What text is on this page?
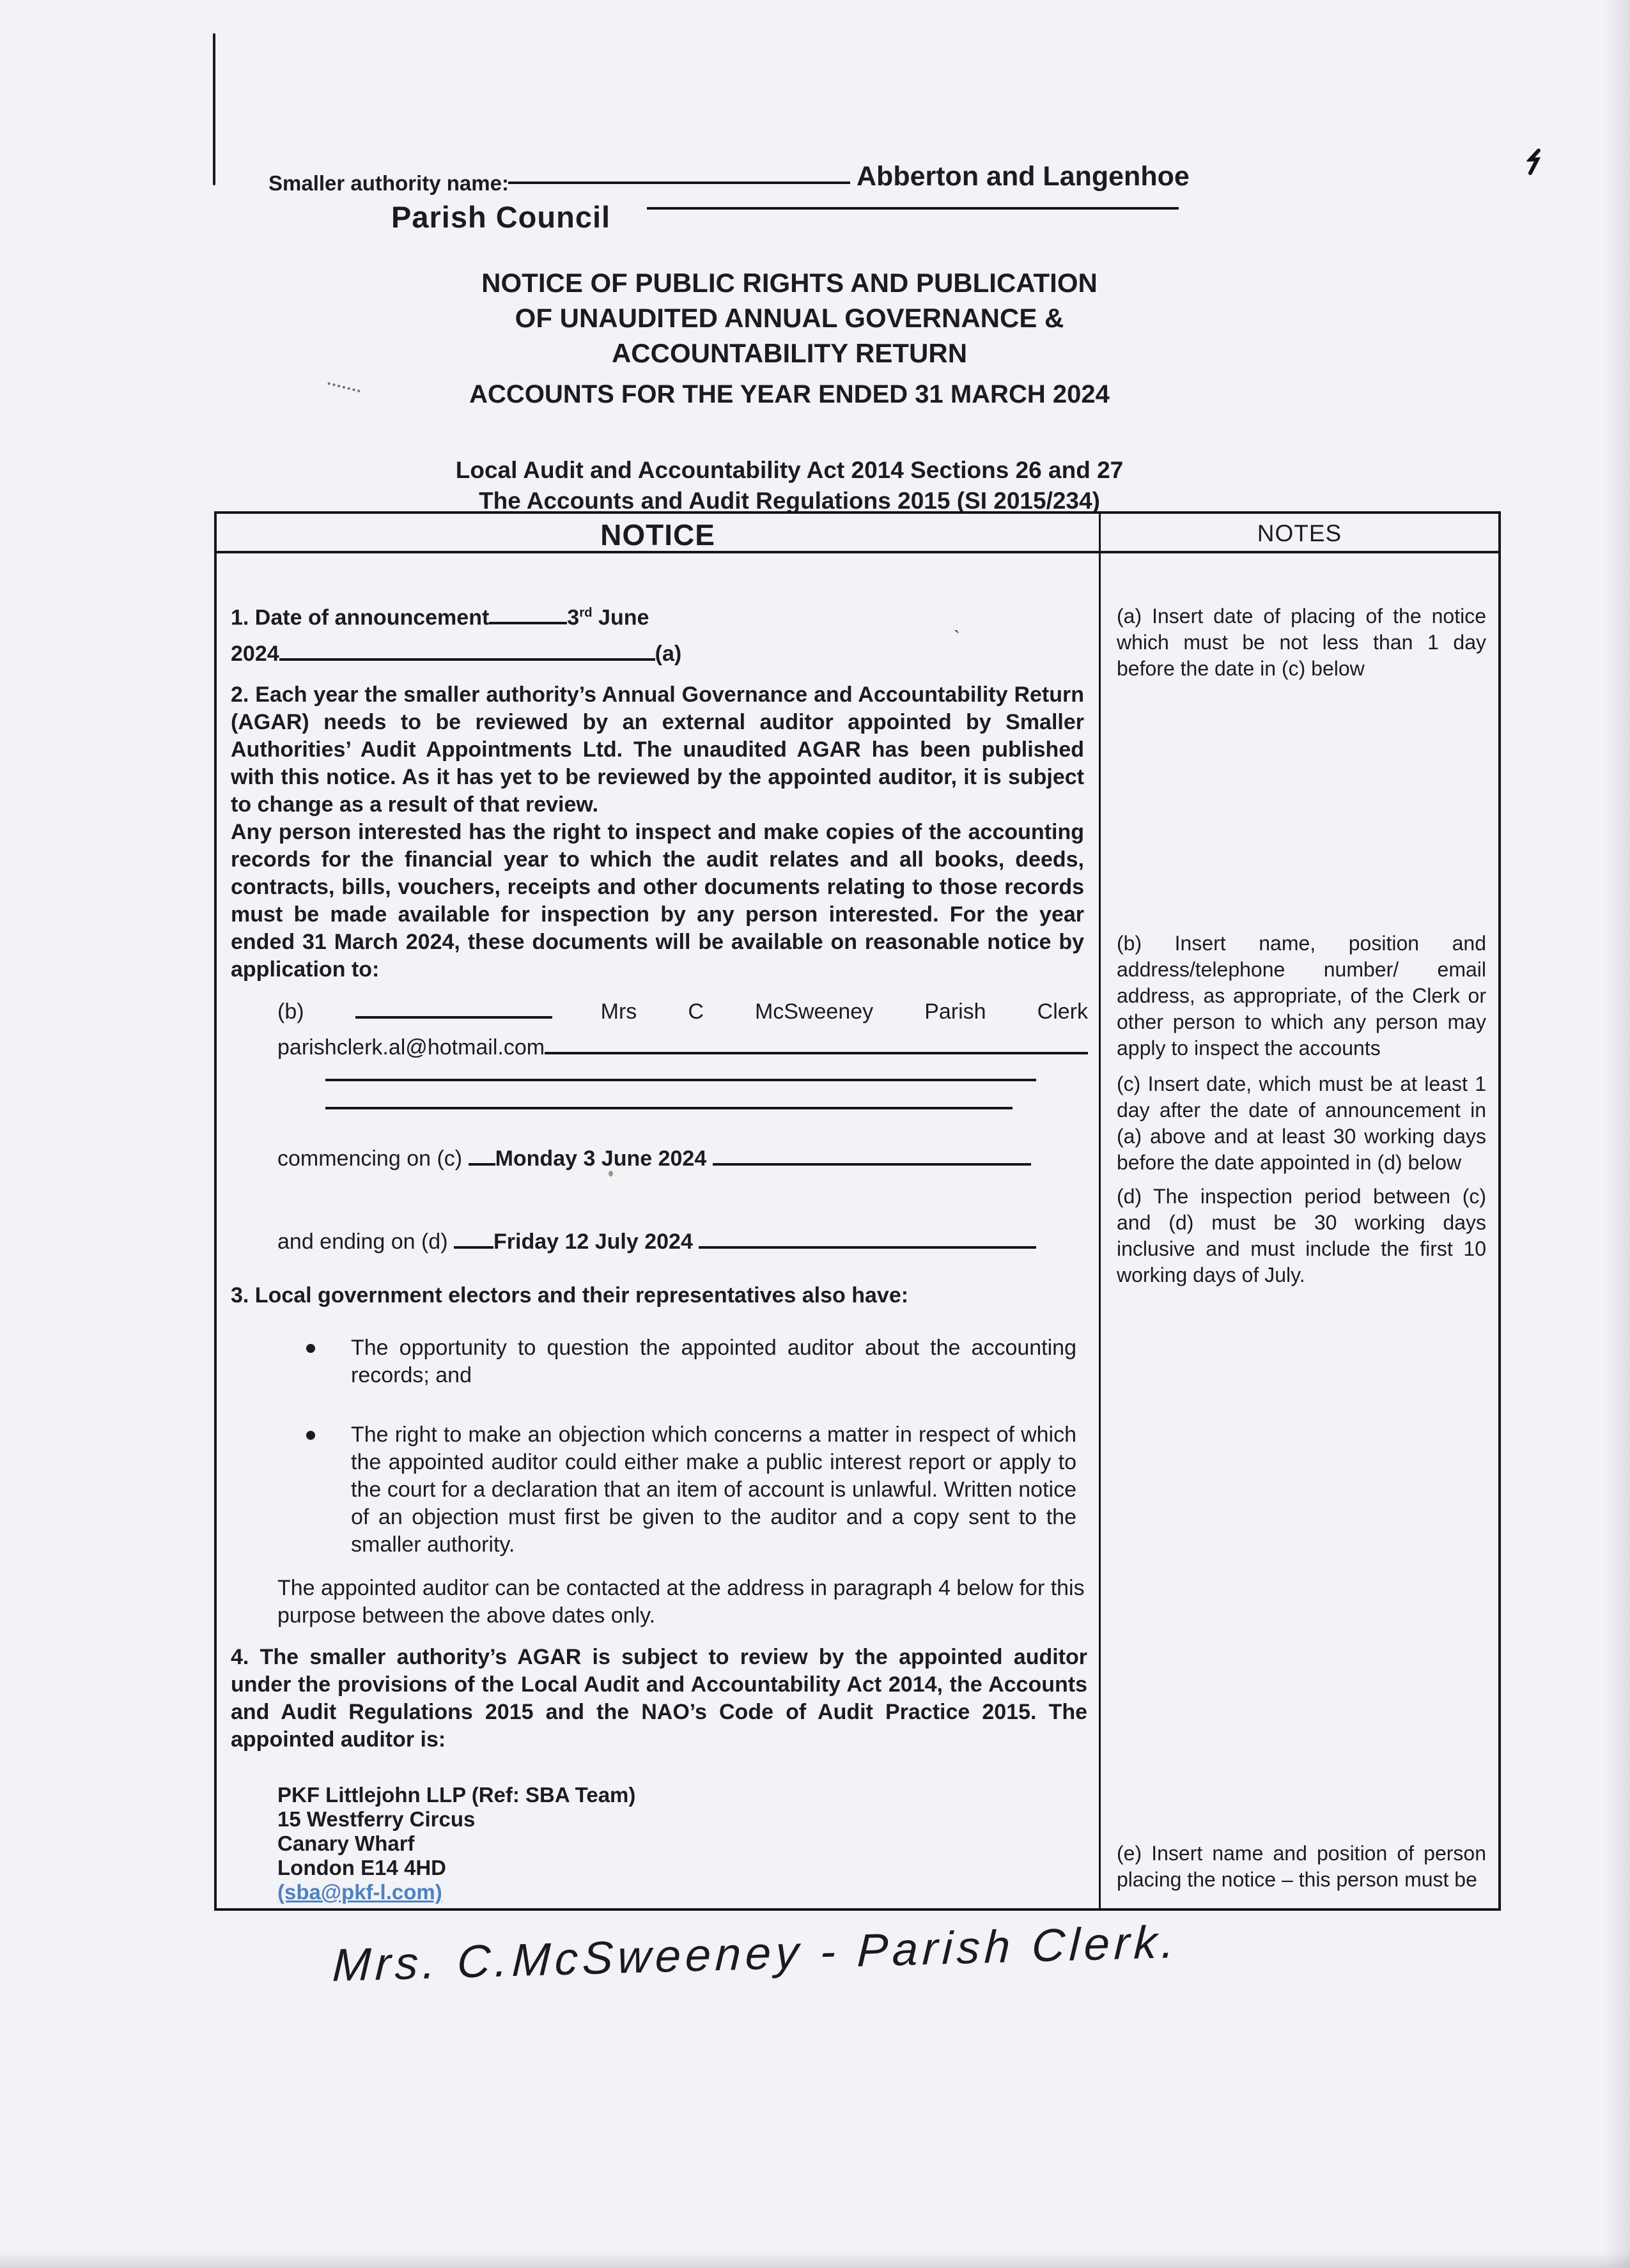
`
Smaller authority name:	Abberton and Langenhoe
Parish Council
NOTICE OF PUBLIC RIGHTS AND PUBLICATION
OF UNAUDITED ANNUAL GOVERNANCE &
ACCOUNTABILITY RETURN
ACCOUNTS FOR THE YEAR ENDED 31 MARCH 2024
Local Audit and Accountability Act 2014 Sections 26 and 27
The Accounts and Audit Regulations 2015 (SI 2015/234)
NOTICE	NOTES
1. Date of announcement	3rd June
2024	(a)
2. Each year the smaller authority’s Annual Governance and Accountability Return (AGAR) needs to be reviewed by an external auditor appointed by Smaller Authorities’ Audit Appointments Ltd. The unaudited AGAR has been published with this notice. As it has yet to be reviewed by the appointed auditor, it is subject to change as a result of that review.
Any person interested has the right to inspect and make copies of the accounting records for the financial year to which the audit relates and all books, deeds, contracts, bills, vouchers, receipts and other documents relating to those records must be made available for inspection by any person interested. For the year ended 31 March 2024, these documents will be available on reasonable notice by application to:
(b)	Mrs C McSweeney Parish Clerk
parishclerk.al@hotmail.com
commencing on (c) Monday 3 June 2024
and ending on (d) Friday 12 July 2024
3. Local government electors and their representatives also have:
The opportunity to question the appointed auditor about the accounting records; and
The right to make an objection which concerns a matter in respect of which the appointed auditor could either make a public interest report or apply to the court for a declaration that an item of account is unlawful. Written notice of an objection must first be given to the auditor and a copy sent to the smaller authority.
The appointed auditor can be contacted at the address in paragraph 4 below for this purpose between the above dates only.
4. The smaller authority’s AGAR is subject to review by the appointed auditor under the provisions of the Local Audit and Accountability Act 2014, the Accounts and Audit Regulations 2015 and the NAO’s Code of Audit Practice 2015. The appointed auditor is:
PKF Littlejohn LLP (Ref: SBA Team)
15 Westferry Circus
Canary Wharf
London E14 4HD
(sba@pkf-l.com)
(a) Insert date of placing of the notice which must be not less than 1 day before the date in (c) below
(b) Insert name, position and address/telephone number/ email address, as appropriate, of the Clerk or other person to which any person may apply to inspect the accounts
(c) Insert date, which must be at least 1 day after the date of announcement in (a) above and at least 30 working days before the date appointed in (d) below
(d) The inspection period between (c) and (d) must be 30 working days inclusive and must include the first 10 working days of July.
(e) Insert name and position of person placing the notice – this person must be
Mrs. C.McSweeney - Parish Clerk.
